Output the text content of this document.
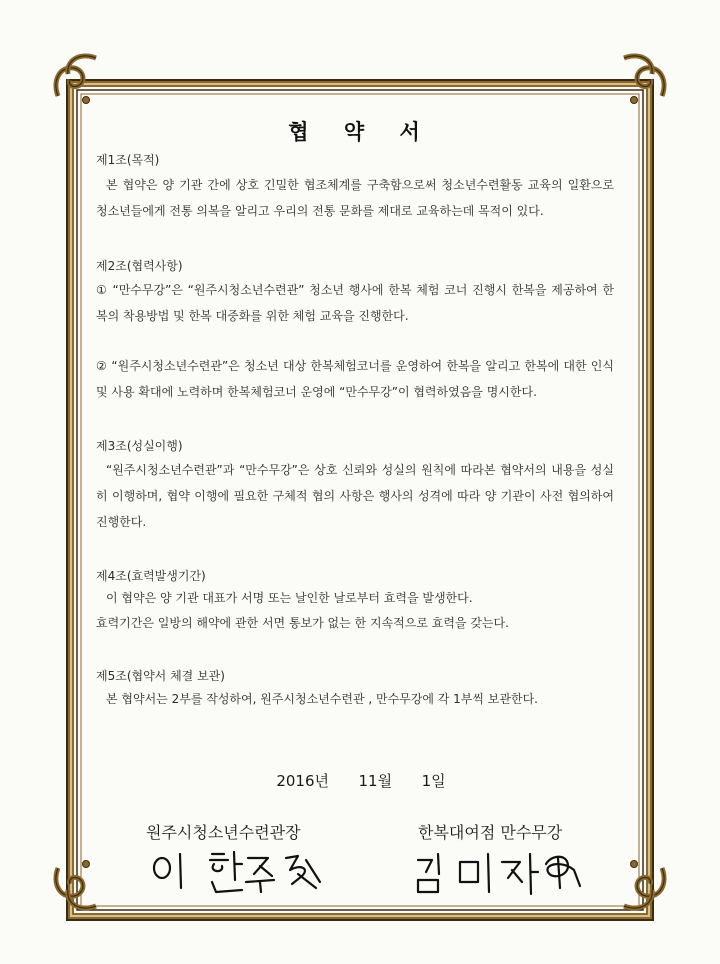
협 약 서
제1조(목적)
본 협약은 양 기관 간에 상호 긴밀한 협조체계를 구축함으로써 청소년수련활동 교육의 일환으로 청소년들에게 전통 의복을 알리고 우리의 전통 문화를 제대로 교육하는데 목적이 있다.
제2조(협력사항)
① “만수무강”은 “원주시청소년수련관” 청소년 행사에 한복 체험 코너 진행시 한복을 제공하여 한복의 착용방법 및 한복 대중화를 위한 체험 교육을 진행한다.
② “원주시청소년수련관”은 청소년 대상 한복체험코너를 운영하여 한복을 알리고 한복에 대한 인식 및 사용 확대에 노력하며 한복체험코너 운영에 “만수무강”이 협력하였음을 명시한다.
제3조(성실이행)
“원주시청소년수련관”과 “만수무강”은 상호 신뢰와 성실의 원칙에 따라본 협약서의 내용을 성실히 이행하며, 협약 이행에 필요한 구체적 협의 사항은 행사의 성격에 따라 양 기관이 사전 협의하여 진행한다.
제4조(효력발생기간)
이 협약은 양 기관 대표가 서명 또는 날인한 날로부터 효력을 발생한다.
효력기간은 일방의 해약에 관한 서면 통보가 없는 한 지속적으로 효력을 갖는다.
제5조(협약서 체결 보관)
본 협약서는 2부를 작성하여, 원주시청소년수련관 , 만수무강에 각 1부씩 보관한다.
2016년  11월  1일
원주시청소년수련관장	한복대여점 만수무강
